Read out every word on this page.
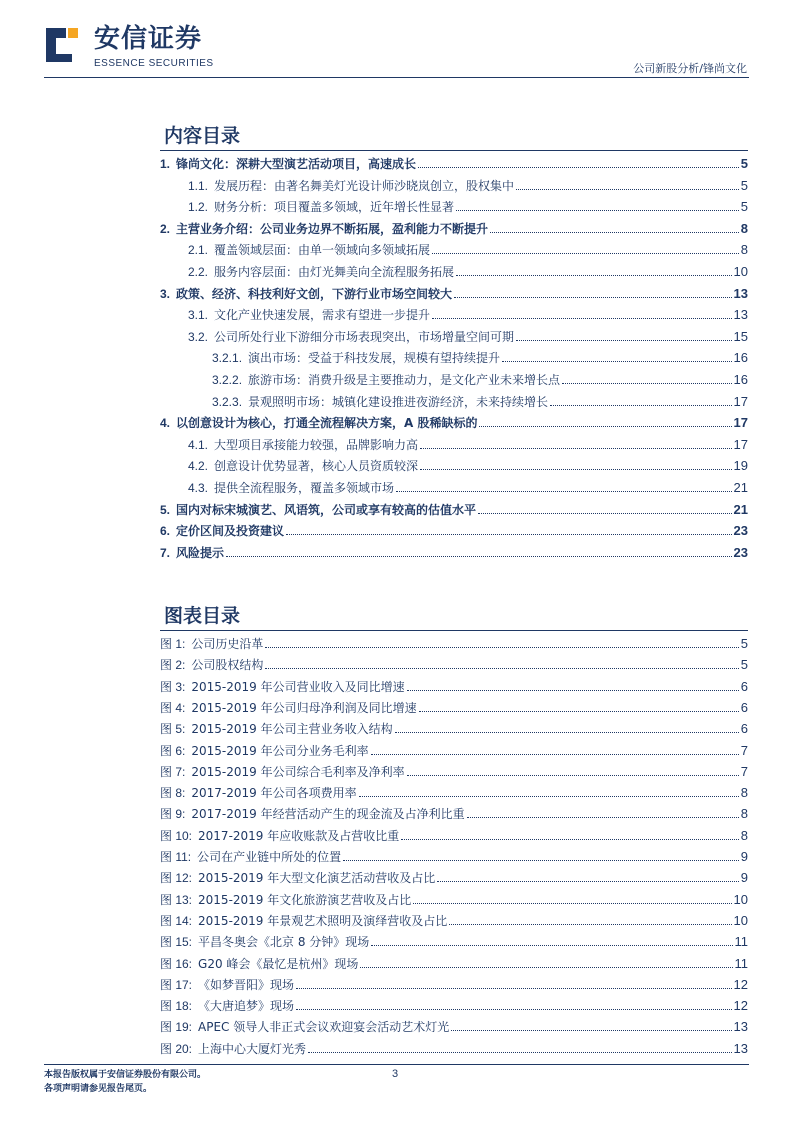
安信证券
ESSENCE SECURITIES	公司新股分析/锋尚文化
内容目录
1. 锋尚文化：深耕大型演艺活动项目，高速成长	5
1.1. 发展历程：由著名舞美灯光设计师沙晓岚创立，股权集中	5
1.2. 财务分析：项目覆盖多领域，近年增长性显著	5
2. 主营业务介绍：公司业务边界不断拓展，盈利能力不断提升	8
2.1. 覆盖领域层面：由单一领域向多领域拓展	8
2.2. 服务内容层面：由灯光舞美向全流程服务拓展	10
3. 政策、经济、科技利好文创，下游行业市场空间较大	13
3.1. 文化产业快速发展，需求有望进一步提升	13
3.2. 公司所处行业下游细分市场表现突出，市场增量空间可期	15
3.2.1. 演出市场：受益于科技发展，规模有望持续提升	16
3.2.2. 旅游市场：消费升级是主要推动力，是文化产业未来增长点	16
3.2.3. 景观照明市场：城镇化建设推进夜游经济，未来持续增长	17
4. 以创意设计为核心，打通全流程解决方案，A 股稀缺标的	17
4.1. 大型项目承接能力较强，品牌影响力高	17
4.2. 创意设计优势显著，核心人员资质较深	19
4.3. 提供全流程服务，覆盖多领域市场	21
5. 国内对标宋城演艺、风语筑，公司或享有较高的估值水平	21
6. 定价区间及投资建议	23
7. 风险提示	23
图表目录
图 1: 公司历史沿革	5
图 2: 公司股权结构	5
图 3: 2015-2019 年公司营业收入及同比增速	6
图 4: 2015-2019 年公司归母净利润及同比增速	6
图 5: 2015-2019 年公司主营业务收入结构	6
图 6: 2015-2019 年公司分业务毛利率	7
图 7: 2015-2019 年公司综合毛利率及净利率	7
图 8: 2017-2019 年公司各项费用率	8
图 9: 2017-2019 年经营活动产生的现金流及占净利比重	8
图 10: 2017-2019 年应收账款及占营收比重	8
图 11: 公司在产业链中所处的位置	9
图 12: 2015-2019 年大型文化演艺活动营收及占比	9
图 13: 2015-2019 年文化旅游演艺营收及占比	10
图 14: 2015-2019 年景观艺术照明及演绎营收及占比	10
图 15: 平昌冬奥会《北京 8 分钟》现场	11
图 16: G20 峰会《最忆是杭州》现场	11
图 17: 《如梦晋阳》现场	12
图 18: 《大唐追梦》现场	12
图 19: APEC 领导人非正式会议欢迎宴会活动艺术灯光	13
图 20: 上海中心大厦灯光秀	13
本报告版权属于安信证券股份有限公司。
各项声明请参见报告尾页。
3
